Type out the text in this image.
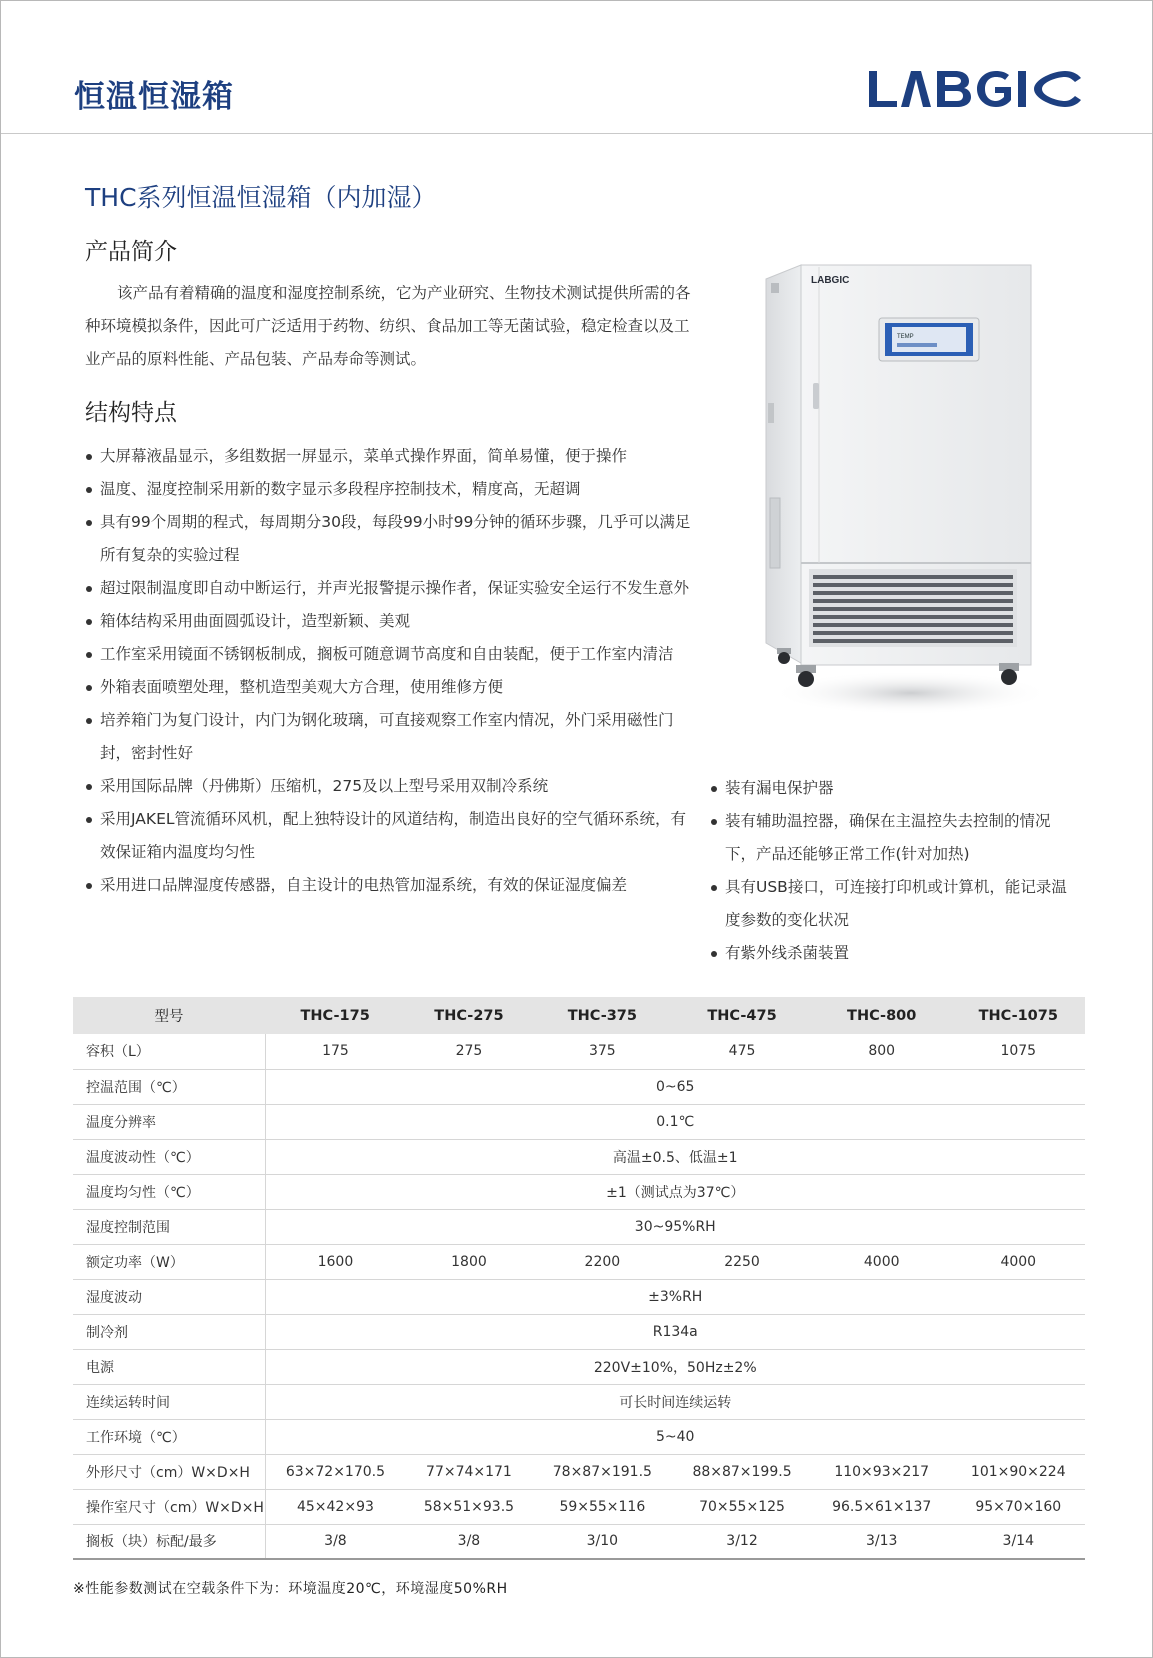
恒温恒湿箱
THC系列恒温恒湿箱（内加湿）
产品简介

该产品有着精确的温度和湿度控制系统，它为产业研究、生物技术测试提供所需的各种环境模拟条件，因此可广泛适用于药物、纺织、食品加工等无菌试验，稳定检查以及工业产品的原料性能、产品包装、产品寿命等测试。

结构特点
大屏幕液晶显示，多组数据一屏显示，菜单式操作界面，简单易懂，便于操作
温度、湿度控制采用新的数字显示多段程序控制技术，精度高，无超调
具有99个周期的程式，每周期分30段，每段99小时99分钟的循环步骤，几乎可以满足所有复杂的实验过程
超过限制温度即自动中断运行，并声光报警提示操作者，保证实验安全运行不发生意外
箱体结构采用曲面圆弧设计，造型新颖、美观
工作室采用镜面不锈钢板制成，搁板可随意调节高度和自由装配，便于工作室内清洁
外箱表面喷塑处理，整机造型美观大方合理，使用维修方便
培养箱门为复门设计，内门为钢化玻璃，可直接观察工作室内情况，外门采用磁性门封，密封性好
采用国际品牌（丹佛斯）压缩机，275及以上型号采用双制冷系统
采用JAKEL管流循环风机，配上独特设计的风道结构，制造出良好的空气循环系统，有效保证箱内温度均匀性
采用进口品牌湿度传感器，自主设计的电热管加湿系统，有效的保证湿度偏差
装有漏电保护器
装有辅助温控器，确保在主温控失去控制的情况下，产品还能够正常工作(针对加热)
具有USB接口，可连接打印机或计算机，能记录温度参数的变化状况
有紫外线杀菌装置
LABGIC
TEMP
型号	THC-175	THC-275	THC-375	THC-475	THC-800	THC-1075
容积（L）	175	275	375	475	800	1075
控温范围（℃）	0~65					
温度分辨率	0.1℃					
温度波动性（℃）	高温±0.5、低温±1					
温度均匀性（℃）	±1（测试点为37℃）					
湿度控制范围	30~95%RH					
额定功率（W）	1600	1800	2200	2250	4000	4000
湿度波动	±3%RH					
制冷剂	R134a					
电源	220V±10%，50Hz±2%					
连续运转时间	可长时间连续运转					
工作环境（℃）	5~40					
外形尺寸（cm）W×D×H	63×72×170.5	77×74×171	78×87×191.5	88×87×199.5	110×93×217	101×90×224
操作室尺寸（cm）W×D×H	45×42×93	58×51×93.5	59×55×116	70×55×125	96.5×61×137	95×70×160
搁板（块）标配/最多	3/8	3/8	3/10	3/12	3/13	3/14
※性能参数测试在空载条件下为：环境温度20℃，环境湿度50%RH
